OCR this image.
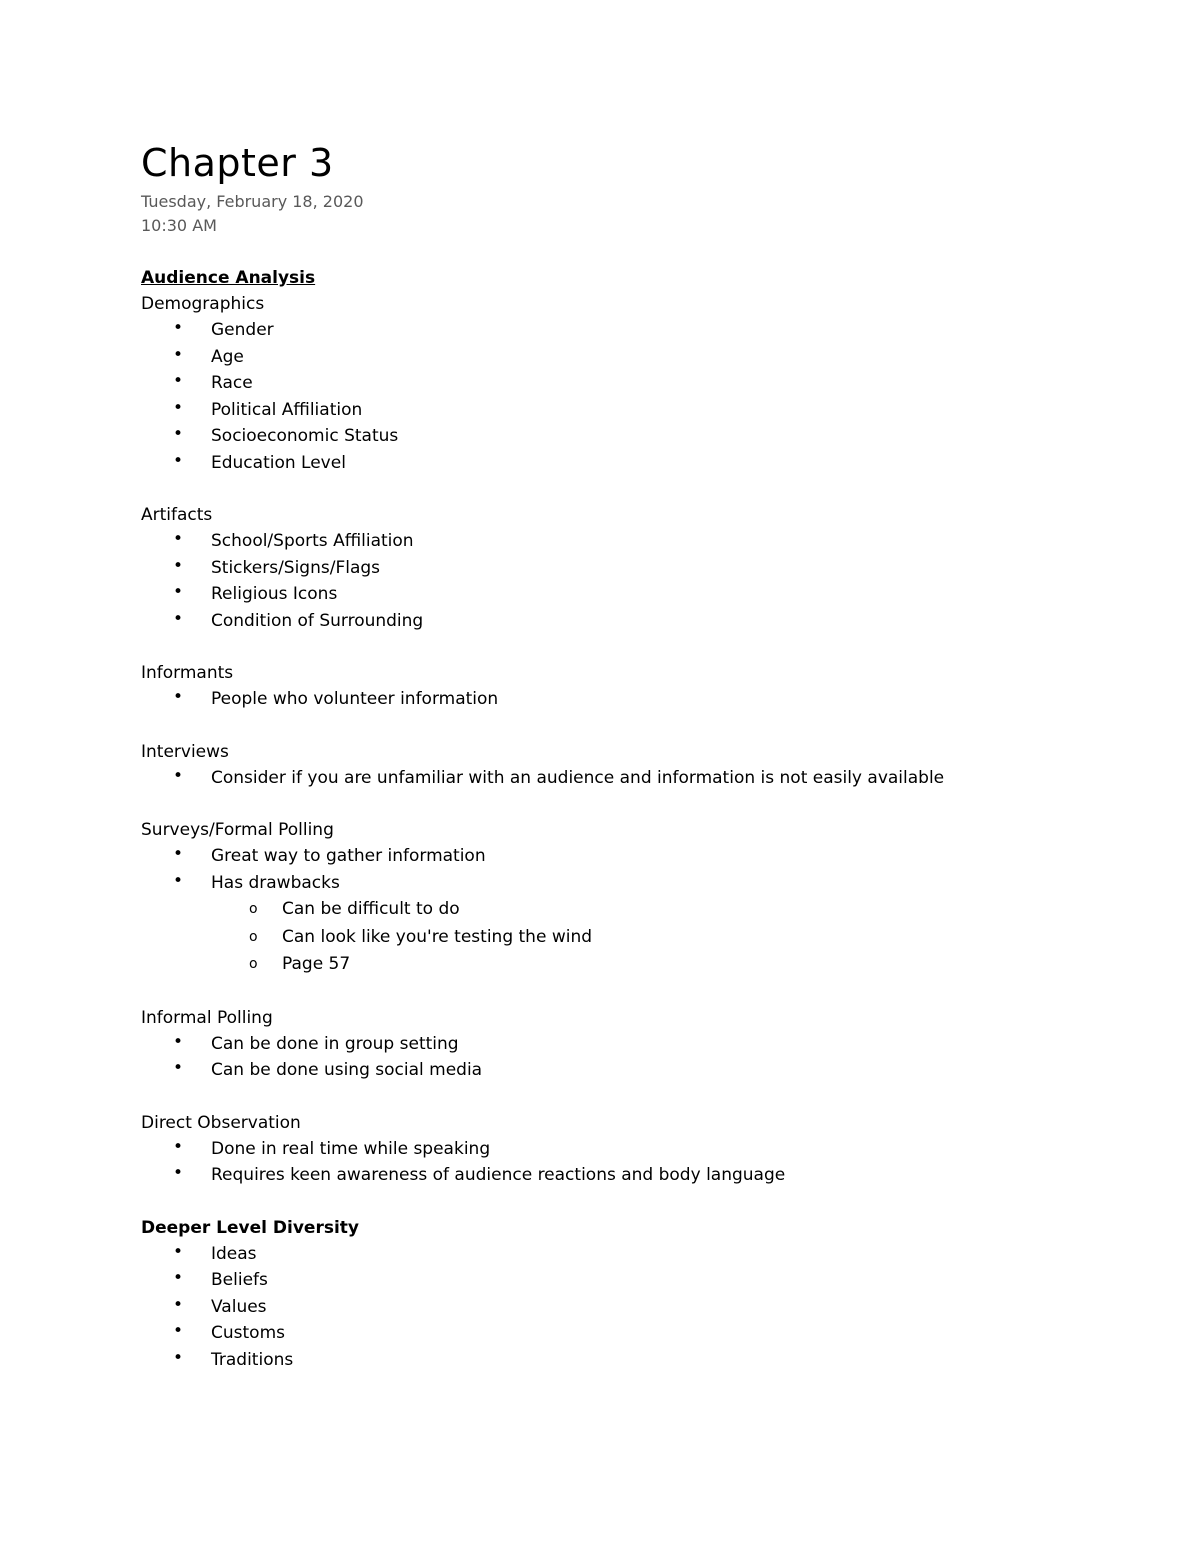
Chapter 3

Tuesday, February 18, 2020

10:30 AM

Audience Analysis
Demographics
• Gender
• Age
• Race
• Political Affiliation
• Socioeconomic Status
• Education Level
Artifacts
• School/Sports Affiliation
• Stickers/Signs/Flags
• Religious Icons
• Condition of Surrounding
Informants
• People who volunteer information
Interviews
• Consider if you are unfamiliar with an audience and information is not easily available
Surveys/Formal Polling
• Great way to gather information
• Has drawbacks
o Can be difficult to do
o Can look like you're testing the wind
o Page 57
Informal Polling
• Can be done in group setting
• Can be done using social media
Direct Observation
• Done in real time while speaking
• Requires keen awareness of audience reactions and body language
Deeper Level Diversity
• Ideas
• Beliefs
• Values
• Customs
• Traditions
